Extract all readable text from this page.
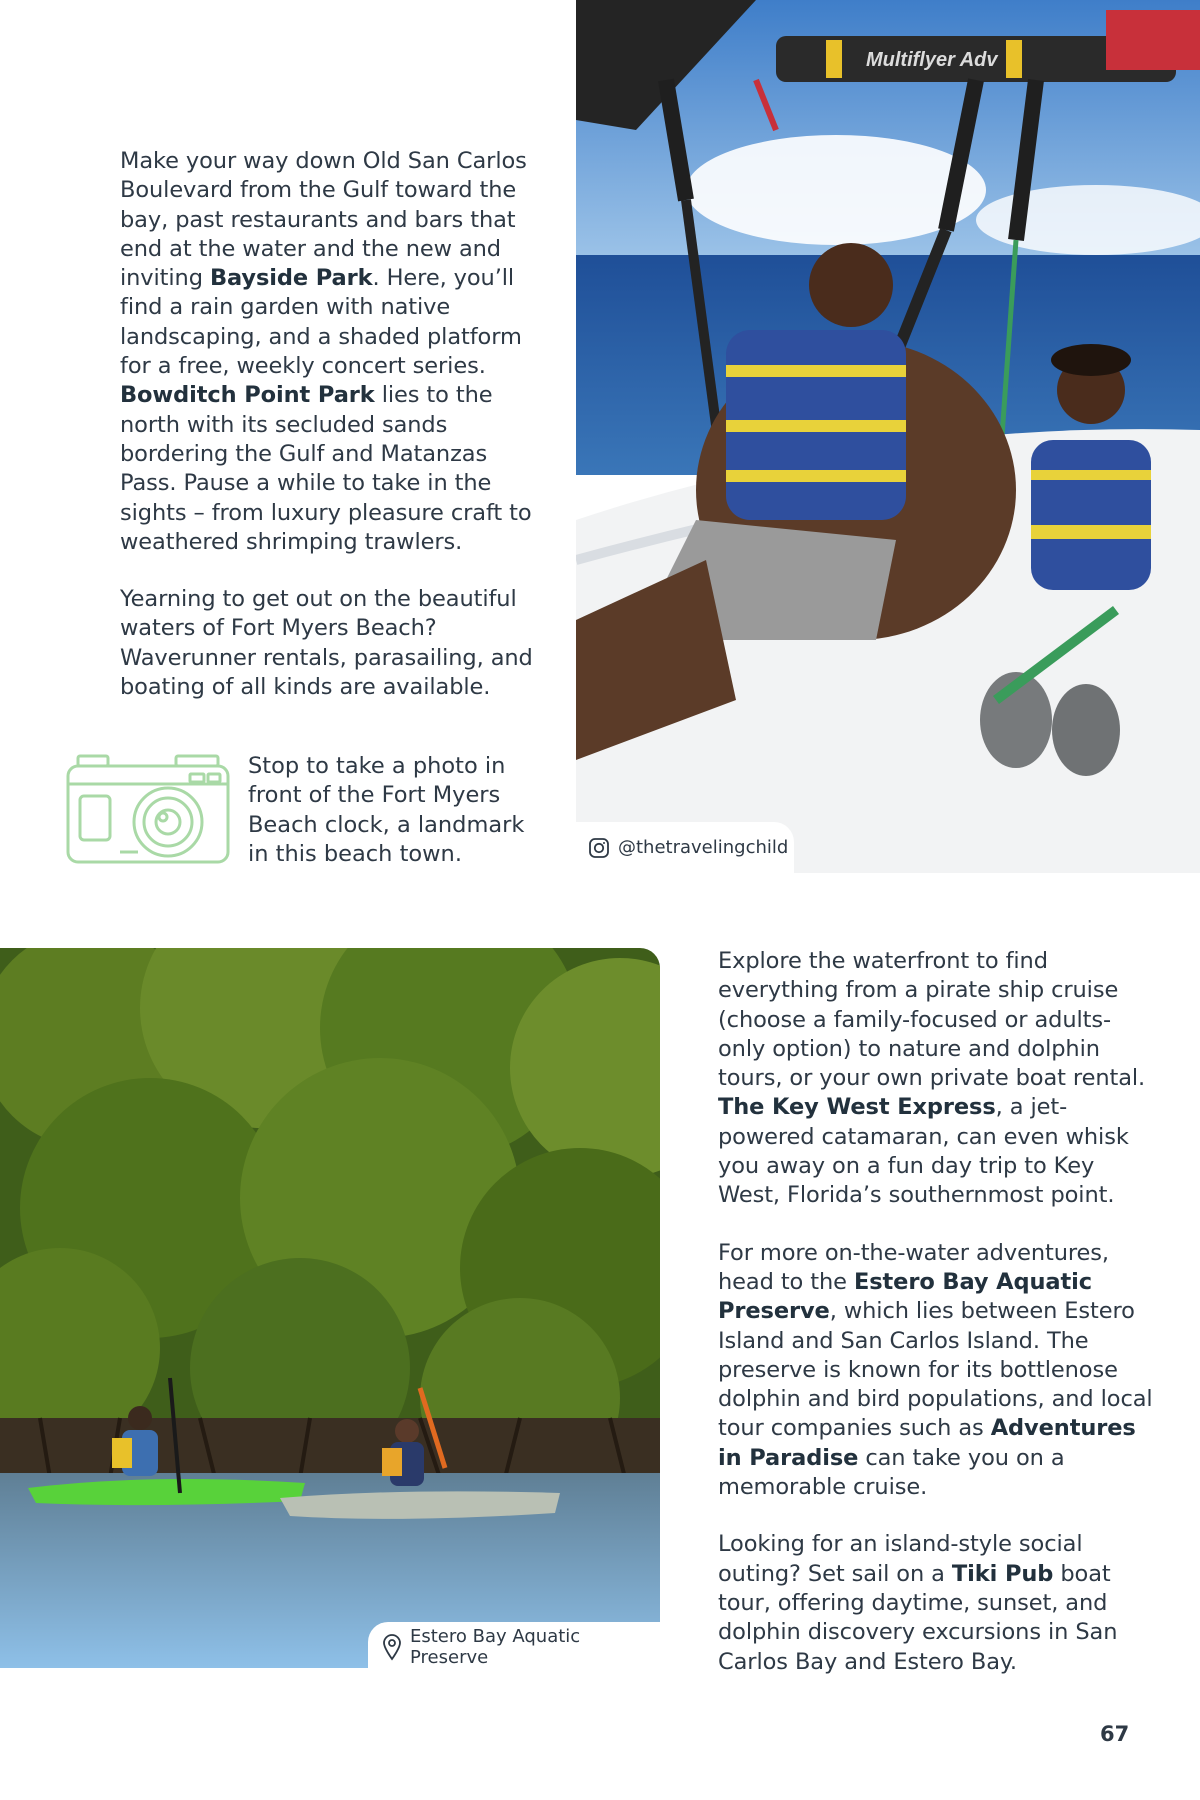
Make your way down Old San Carlos Boulevard from the Gulf toward the bay, past restaurants and bars that end at the water and the new and inviting Bayside Park. Here, you’ll find a rain garden with native landscaping, and a shaded platform for a free, weekly concert series. Bowditch Point Park lies to the north with its secluded sands bordering the Gulf and Matanzas Pass. Pause a while to take in the sights – from luxury pleasure craft to weathered shrimping trawlers.

Yearning to get out on the beautiful waters of Fort Myers Beach? Waverunner rentals, parasailing, and boating of all kinds are available.

Stop to take a photo in front of the Fort Myers Beach clock, a landmark in this beach town.

Multiflyer Adv
@thetravelingchild
Estero Bay Aquatic Preserve

Explore the waterfront to find everything from a pirate ship cruise (choose a family-focused or adults-only option) to nature and dolphin tours, or your own private boat rental. The Key West Express, a jet-powered catamaran, can even whisk you away on a fun day trip to Key West, Florida’s southernmost point.

For more on-the-water adventures, head to the Estero Bay Aquatic Preserve, which lies between Estero Island and San Carlos Island. The preserve is known for its bottlenose dolphin and bird populations, and local tour companies such as Adventures in Paradise can take you on a memorable cruise.

Looking for an island-style social outing? Set sail on a Tiki Pub boat tour, offering daytime, sunset, and dolphin discovery excursions in San Carlos Bay and Estero Bay.

67
